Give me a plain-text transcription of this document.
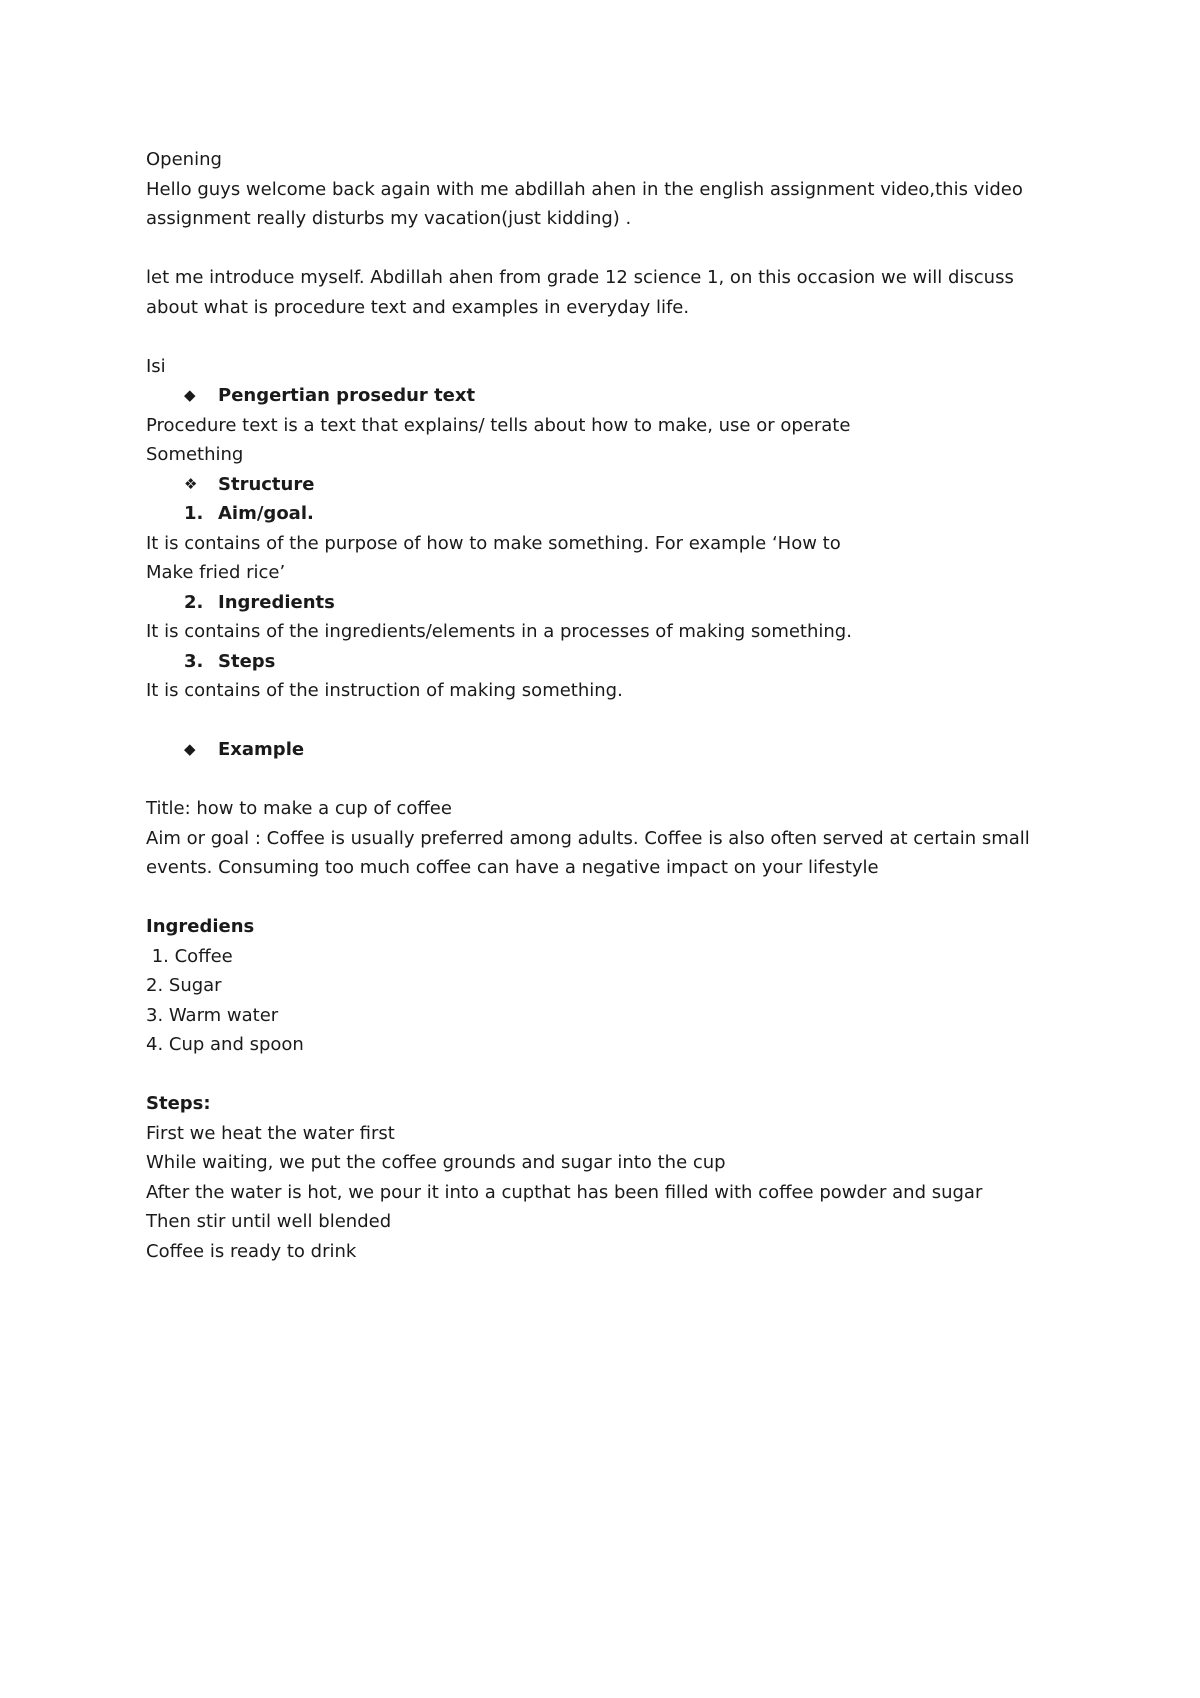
Opening
Hello guys welcome back again with me abdillah ahen in the english assignment video,this video
assignment really disturbs my vacation(just kidding) .
let me introduce myself. Abdillah ahen from grade 12 science 1, on this occasion we will discuss
about what is procedure text and examples in everyday life.
Isi
◆	Pengertian prosedur text
Procedure text is a text that explains/ tells about how to make, use or operate
Something
❖	Structure
1. Aim/goal.
It is contains of the purpose of how to make something. For example ‘How to
Make fried rice’
2. Ingredients
It is contains of the ingredients/elements in a processes of making something.
3. Steps
It is contains of the instruction of making something.
◆	Example
Title: how to make a cup of coffee
Aim or goal : Coffee is usually preferred among adults. Coffee is also often served at certain small
events. Consuming too much coffee can have a negative impact on your lifestyle
Ingrediens
1. Coffee
2. Sugar
3. Warm water
4. Cup and spoon
Steps:
First we heat the water first
While waiting, we put the coffee grounds and sugar into the cup
After the water is hot, we pour it into a cupthat has been filled with coffee powder and sugar
Then stir until well blended
Coffee is ready to drink
